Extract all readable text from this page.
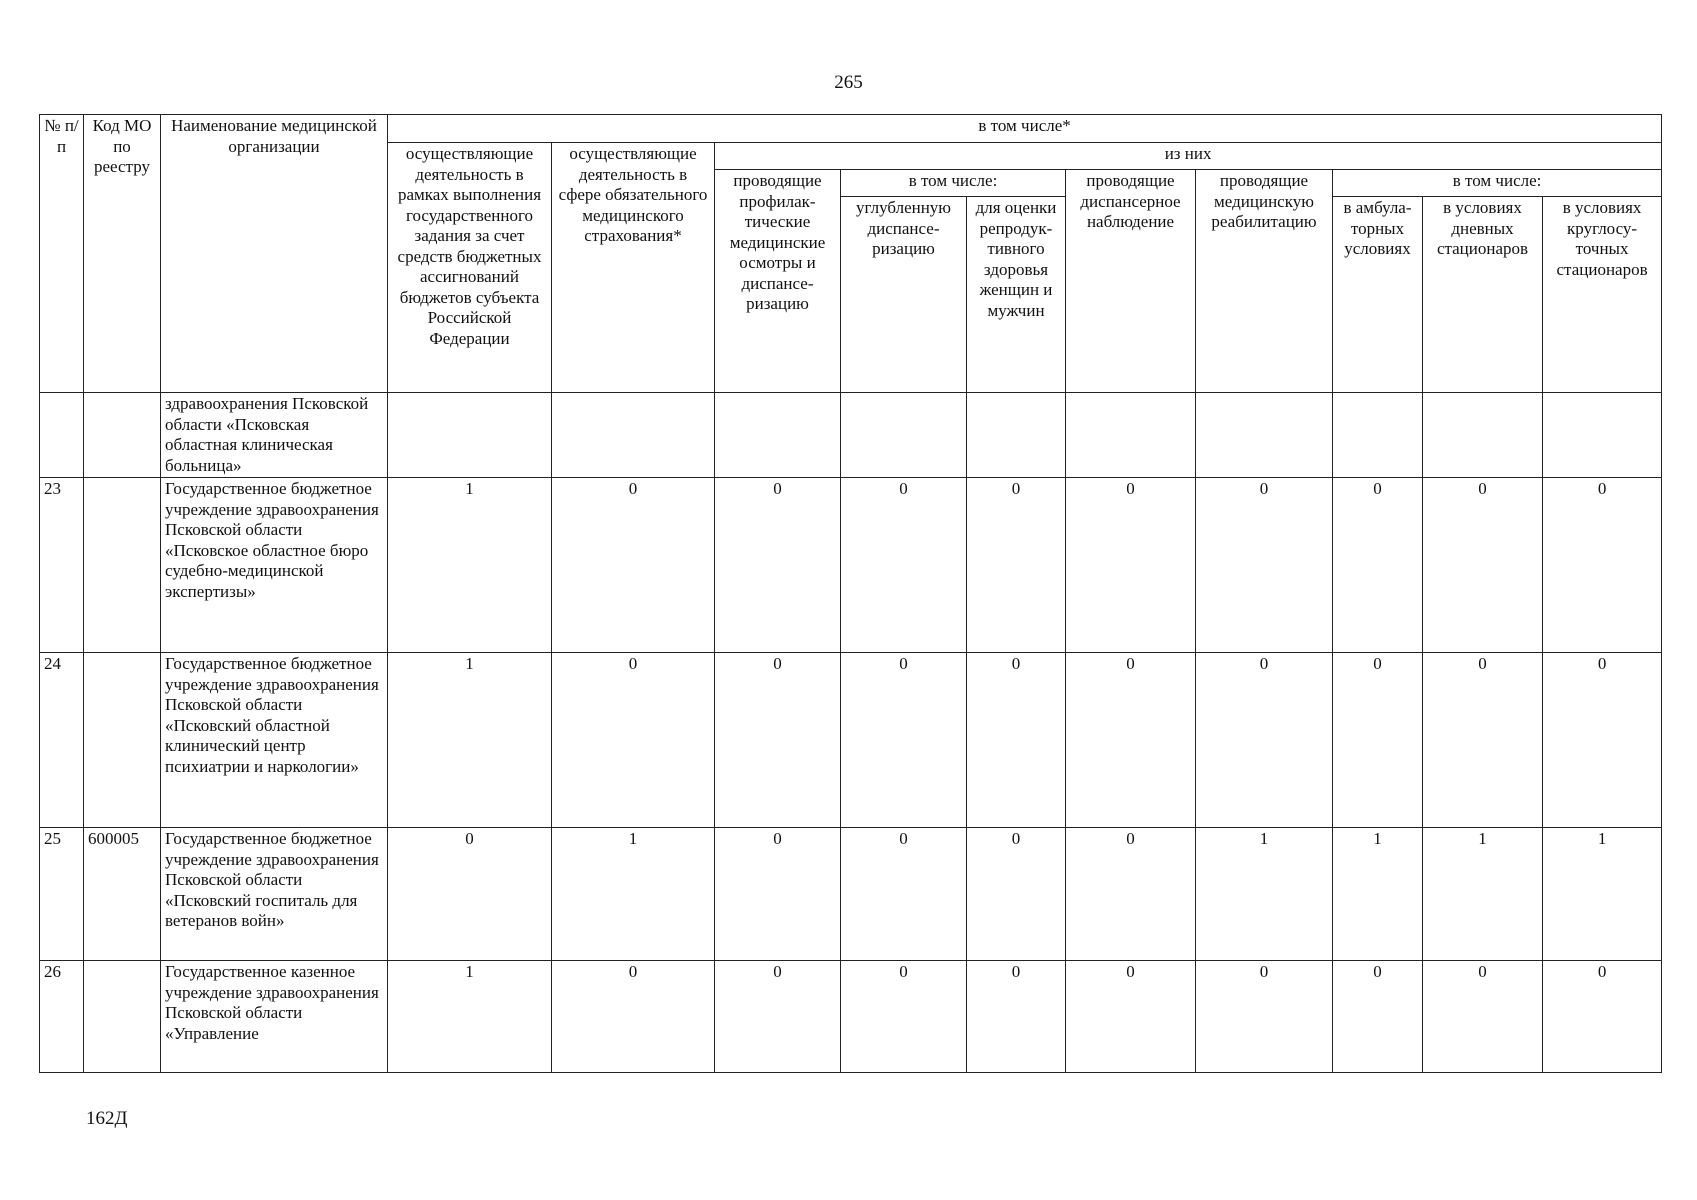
265
№ п/п	Код МО по реестру	Наименование медицинской организации	в том числе*									
			осуществляющие деятельность в рамках выполнения государственного задания за счет средств бюджетных ассигнований бюджетов субъекта Российской Федерации	осуществляющие деятельность в сфере обязательного медицинского страхования*	из них							
					проводящие профилак-тические медицинские осмотры и диспансе-ризацию	в том числе:		проводящие диспансерное наблюдение	проводящие медицинскую реабилитацию	в том числе:		
						углубленную диспансе-ризацию	для оценки репродук-тивного здоровья женщин и мужчин			в амбула-торных условиях	в условиях дневных стационаров	в условиях круглосу-точных стационаров
		здравоохранения Псковской области «Псковская областная клиническая больница»										
23		Государственное бюджетное учреждение здравоохранения Псковской области «Псковское областное бюро судебно-медицинской экспертизы»	1	0	0	0	0	0	0	0	0	0
24		Государственное бюджетное учреждение здравоохранения Псковской области «Псковский областной клинический центр психиатрии и наркологии»	1	0	0	0	0	0	0	0	0	0
25	600005	Государственное бюджетное учреждение здравоохранения Псковской области «Псковский госпиталь для ветеранов войн»	0	1	0	0	0	0	1	1	1	1
26		Государственное казенное учреждение здравоохранения Псковской области «Управление	1	0	0	0	0	0	0	0	0	0
162Д
